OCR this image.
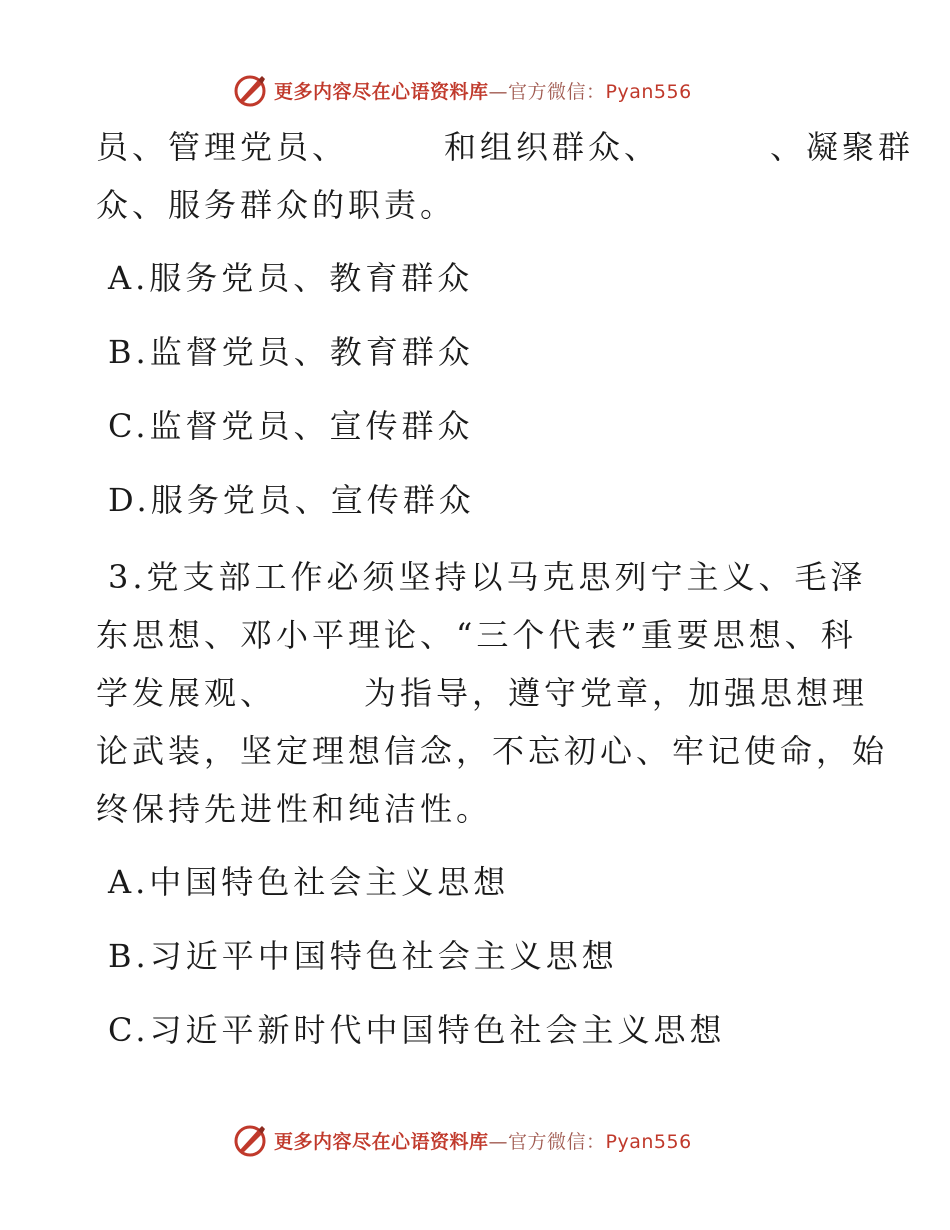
更多内容尽在心语资料库—官方微信：Pyan556

员、管理党员、	和组织群众、	、凝聚群

众、服务群众的职责。

A.服务党员、教育群众

B.监督党员、教育群众

C.监督党员、宣传群众

D.服务党员、宣传群众

3.党支部工作必须坚持以马克思列宁主义、毛泽

东思想、邓小平理论、“三个代表”重要思想、科

学发展观、	为指导，遵守党章，加强思想理

论武装，坚定理想信念，不忘初心、牢记使命，始

终保持先进性和纯洁性。

A.中国特色社会主义思想

B.习近平中国特色社会主义思想

C.习近平新时代中国特色社会主义思想

更多内容尽在心语资料库—官方微信：Pyan556
